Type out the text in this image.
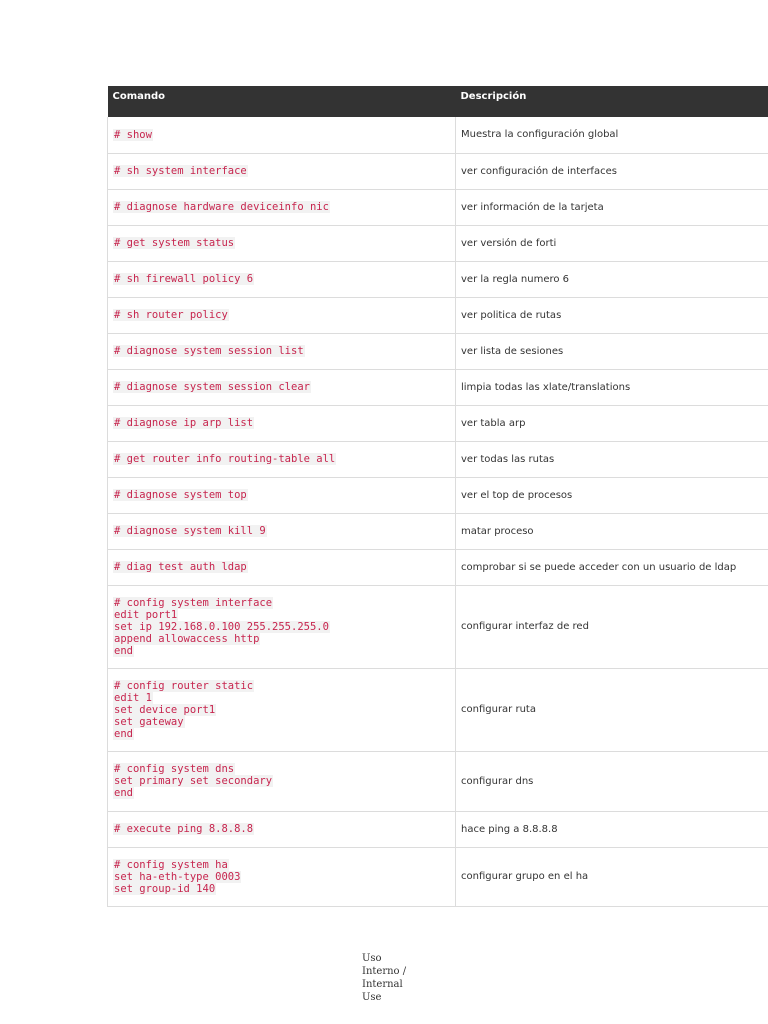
Comando	Descripción

# show	Muestra la configuración global

# sh system interface	ver configuración de interfaces

# diagnose hardware deviceinfo nic	ver información de la tarjeta

# get system status	ver versión de forti

# sh firewall policy 6	ver la regla numero 6

# sh router policy	ver politica de rutas

# diagnose system session list	ver lista de sesiones

# diagnose system session clear	limpia todas las xlate/translations

# diagnose ip arp list	ver tabla arp

# get router info routing-table all	ver todas las rutas

# diagnose system top	ver el top de procesos

# diagnose system kill 9	matar proceso

# diag test auth ldap	comprobar si se puede acceder con un usuario de ldap

# config system interface
edit port1
set ip 192.168.0.100 255.255.255.0
append allowaccess http
end	configurar interfaz de red

# config router static
edit 1
set device port1
set gateway
end	configurar ruta

# config system dns
set primary set secondary
end	configurar dns

# execute ping 8.8.8.8	hace ping a 8.8.8.8

# config system ha
set ha-eth-type 0003
set group-id 140	configurar grupo en el ha
Uso Interno / Internal Use
